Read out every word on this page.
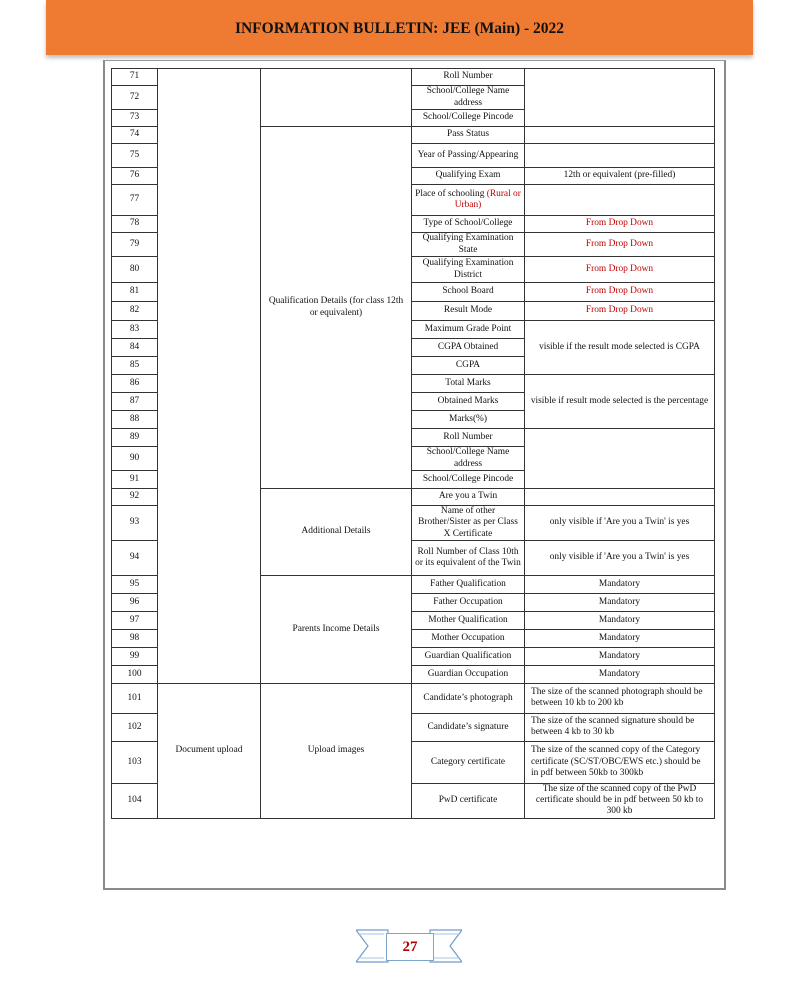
INFORMATION BULLETIN: JEE (Main) - 2022
71			Roll Number	
72			School/College Name address	
73			School/College Pincode	
74		Qualification Details (for class 12th or equivalent)	Pass Status	
75			Year of Passing/Appearing	
76			Qualifying Exam	12th or equivalent (pre-filled)
77			Place of schooling (Rural or Urban)	
78			Type of School/College	From Drop Down
79			Qualifying Examination State	From Drop Down
80			Qualifying Examination District	From Drop Down
81			School Board	From Drop Down
82			Result Mode	From Drop Down
83			Maximum Grade Point	visible if the result mode selected is CGPA
84			CGPA Obtained	
85			CGPA	
86			Total Marks	visible if result mode selected is the percentage
87			Obtained Marks	
88			Marks(%)	
89			Roll Number	
90			School/College Name address	
91			School/College Pincode	
92		Additional Details	Are you a Twin	
93			Name of other Brother/Sister as per Class X Certificate	only visible if 'Are you a Twin' is yes
94			Roll Number of Class 10th or its equivalent of the Twin	only visible if 'Are you a Twin' is yes
95		Parents Income Details	Father Qualification	Mandatory
96			Father Occupation	Mandatory
97			Mother Qualification	Mandatory
98			Mother Occupation	Mandatory
99			Guardian Qualification	Mandatory
100			Guardian Occupation	Mandatory
101	Document upload	Upload images	Candidate’s photograph	The size of the scanned photograph should be between 10 kb to 200 kb
102			Candidate’s signature	The size of the scanned signature should be between 4 kb to 30 kb
103			Category certificate	The size of the scanned copy of the Category certificate (SC/ST/OBC/EWS etc.) should be in pdf between 50kb to 300kb
104			PwD certificate	The size of the scanned copy of the PwD certificate should be in pdf between 50 kb to 300 kb
27
